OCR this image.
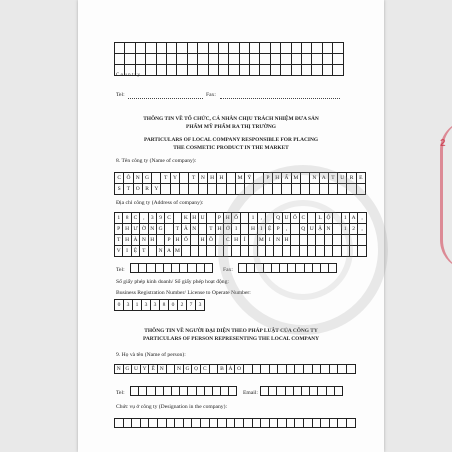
C o u n t r y
Tel:	Fax:
THÔNG TIN VỀ TỔ CHỨC, CÁ NHÂN CHỊU TRÁCH NHIỆM ĐƯA SẢN
PHẨM MỸ PHẨM RA THỊ TRƯỜNG
PARTICULARS OF LOCAL COMPANY RESPONSIBLE FOR PLACING
THE COSMETIC PRODUCT IN THE MARKET
8. Tên công ty (Name of company):
C Ô N G	T	Y	T	N H H	M Ỹ	P	H Ẩ M	N A	T	U R	E
S	T	O R Y
Địa chỉ công ty (Address of company):
1	8 C	,	3	9 C	K H U	P H Ố	1	,	Q U Ố C	L Ộ	1 A	,
P H Ư Ờ N G	T Â N	T H Ớ I	H I	Ệ P	,	Q U Ậ N	1	2	,
T H À N H	P H Ố	H Ồ	C H Í	M I N H
V I	Ệ T	N A M
Tel:	Fax:
Số giấy phép kinh doanh/ Số giấy phép hoạt động:
Business Registration Number/ License to Operate Number:
0	3	1	3	3	8	0	2	7	3
THÔNG TIN VỀ NGƯỜI ĐẠI DIỆN THEO PHÁP LUẬT CỦA CÔNG TY
PARTICULARS OF PERSON REPRESENTING THE LOCAL COMPANY
9. Họ và tên (Name of person):
N G U Y Ễ N	N G Ọ C	B Ả O
Tel:	Email:
Chức vụ ở công ty (Designation in the company):
2
